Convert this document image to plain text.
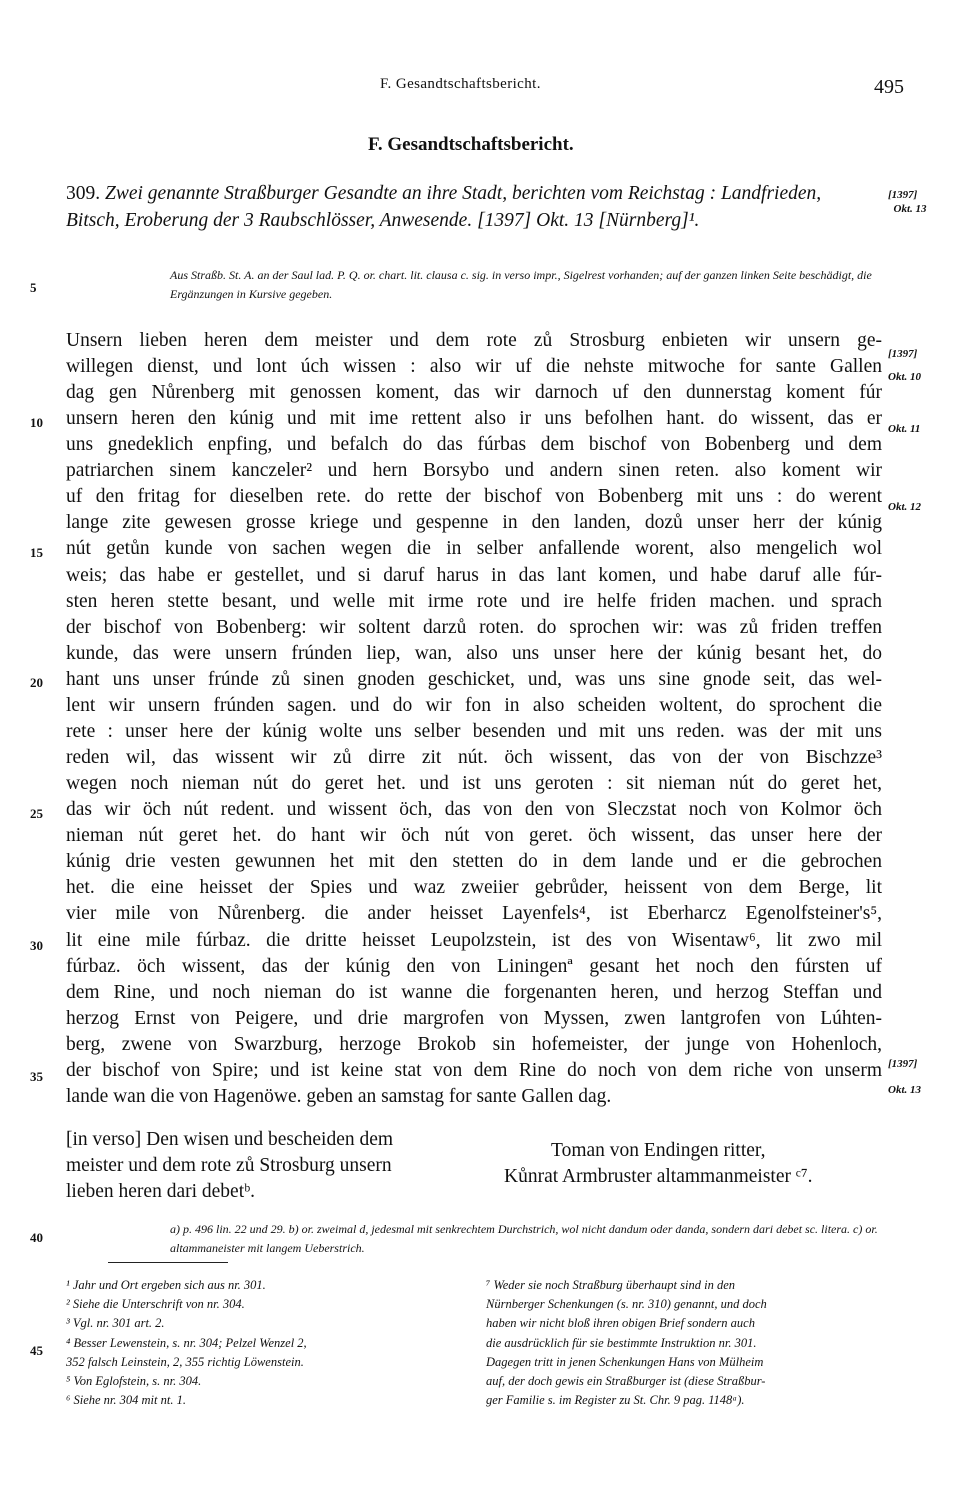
F. Gesandtschaftsbericht.	495
F. Gesandtschaftsbericht.
309. Zwei genannte Straßburger Gesandte an ihre Stadt, berichten vom Reichstag : Landfrieden, Bitsch, Eroberung der 3 Raubschlösser, Anwesende. [1397] Okt. 13 [Nürnberg]¹.
Aus Straßb. St. A. an der Saul lad. P. Q. or. chart. lit. clausa c. sig. in verso impr., Sigelrest vorhanden; auf der ganzen linken Seite beschädigt, die Ergänzungen in Kursive gegeben.
5
10
15
20
25
30
35
40
45
[1397]
Okt. 13
[1397]
Okt. 10
Okt. 11
Okt. 12
[1397]
Okt. 13
Unsern lieben heren dem meister und dem rote zů Strosburg enbieten wir unsern ge-
willegen dienst, und lont úch wissen : also wir uf die nehste mitwoche for sante Gallen
dag gen Nůrenberg mit genossen koment, das wir darnoch uf den dunnerstag koment fúr
unsern heren den kúnig und mit ime rettent also ir uns befolhen hant. do wissent, das er
uns gnedeklich enpfing, und befalch do das fúrbas dem bischof von Bobenberg und dem
patriarchen sinem kanczeler² und hern Borsybo und andern sinen reten. also koment wir
uf den fritag for dieselben rete. do rette der bischof von Bobenberg mit uns : do werent
lange zite gewesen grosse kriege und gespenne in den landen, dozů unser herr der kúnig
nút getůn kunde von sachen wegen die in selber anfallende worent, also mengelich wol
weis; das habe er gestellet, und si daruf harus in das lant komen, und habe daruf alle fúr-
sten heren stette besant, und welle mit irme rote und ire helfe friden machen. und sprach
der bischof von Bobenberg: wir soltent darzů roten. do sprochen wir: was zů friden treffen
kunde, das were unsern frúnden liep, wan, also uns unser here der kúnig besant het, do
hant uns unser frúnde zů sinen gnoden geschicket, und, was uns sine gnode seit, das wel-
lent wir unsern frúnden sagen. und do wir fon in also scheiden woltent, do sprochent die
rete : unser here der kúnig wolte uns selber besenden und mit uns reden. was der mit uns
reden wil, das wissent wir zů dirre zit nút. öch wissent, das von der von Bischzze³
wegen noch nieman nút do geret het. und ist uns geroten : sit nieman nút do geret het,
das wir öch nút redent. und wissent öch, das von den von Sleczstat noch von Kolmor öch
nieman nút geret het. do hant wir öch nút von geret. öch wissent, das unser here der
kúnig drie vesten gewunnen het mit den stetten do in dem lande und er die gebrochen
het. die eine heisset der Spies und waz zweiier gebrůder, heissent von dem Berge, lit
vier mile von Nůrenberg. die ander heisset Layenfels⁴, ist Eberharcz Egenolfsteiner's⁵,
lit eine mile fúrbaz. die dritte heisset Leupolzstein, ist des von Wisentaw⁶, lit zwo mil
fúrbaz. öch wissent, das der kúnig den von Liningenª gesant het noch den fúrsten uf
dem Rine, und noch nieman do ist wanne die forgenanten heren, und herzog Steffan und
herzog Ernst von Peigere, und drie margrofen von Myssen, zwen lantgrofen von Lúhten-
berg, zwene von Swarzburg, herzoge Brokob sin hofemeister, der junge von Hohenloch,
der bischof von Spire; und ist keine stat von dem Rine do noch von dem riche von unserm
lande wan die von Hagenöwe. geben an samstag for sante Gallen dag.
[in verso] Den wisen und bescheiden dem
meister und dem rote zů Strosburg unsern
lieben heren dari debetᵇ.
Toman von Endingen ritter,
Kůnrat Armbruster altammanmeister ᶜ⁷.
a) p. 496 lin. 22 und 29. b) or. zweimal d, jedesmal mit senkrechtem Durchstrich, wol nicht dandum oder danda, sondern dari debet sc. litera. c) or. altammaneister mit langem Ueberstrich.
¹ Jahr und Ort ergeben sich aus nr. 301.
² Siehe die Unterschrift von nr. 304.
³ Vgl. nr. 301 art. 2.
⁴ Besser Lewenstein, s. nr. 304; Pelzel Wenzel 2,
352 falsch Leinstein, 2, 355 richtig Löwenstein.
⁵ Von Eglofstein, s. nr. 304.
⁶ Siehe nr. 304 mit nt. 1.
⁷ Weder sie noch Straßburg überhaupt sind in den
Nürnberger Schenkungen (s. nr. 310) genannt, und doch
haben wir nicht bloß ihren obigen Brief sondern auch
die ausdrücklich für sie bestimmte Instruktion nr. 301.
Dagegen tritt in jenen Schenkungen Hans von Mülheim
auf, der doch gewis ein Straßburger ist (diese Straßbur-
ger Familie s. im Register zu St. Chr. 9 pag. 1148ᵃ).
